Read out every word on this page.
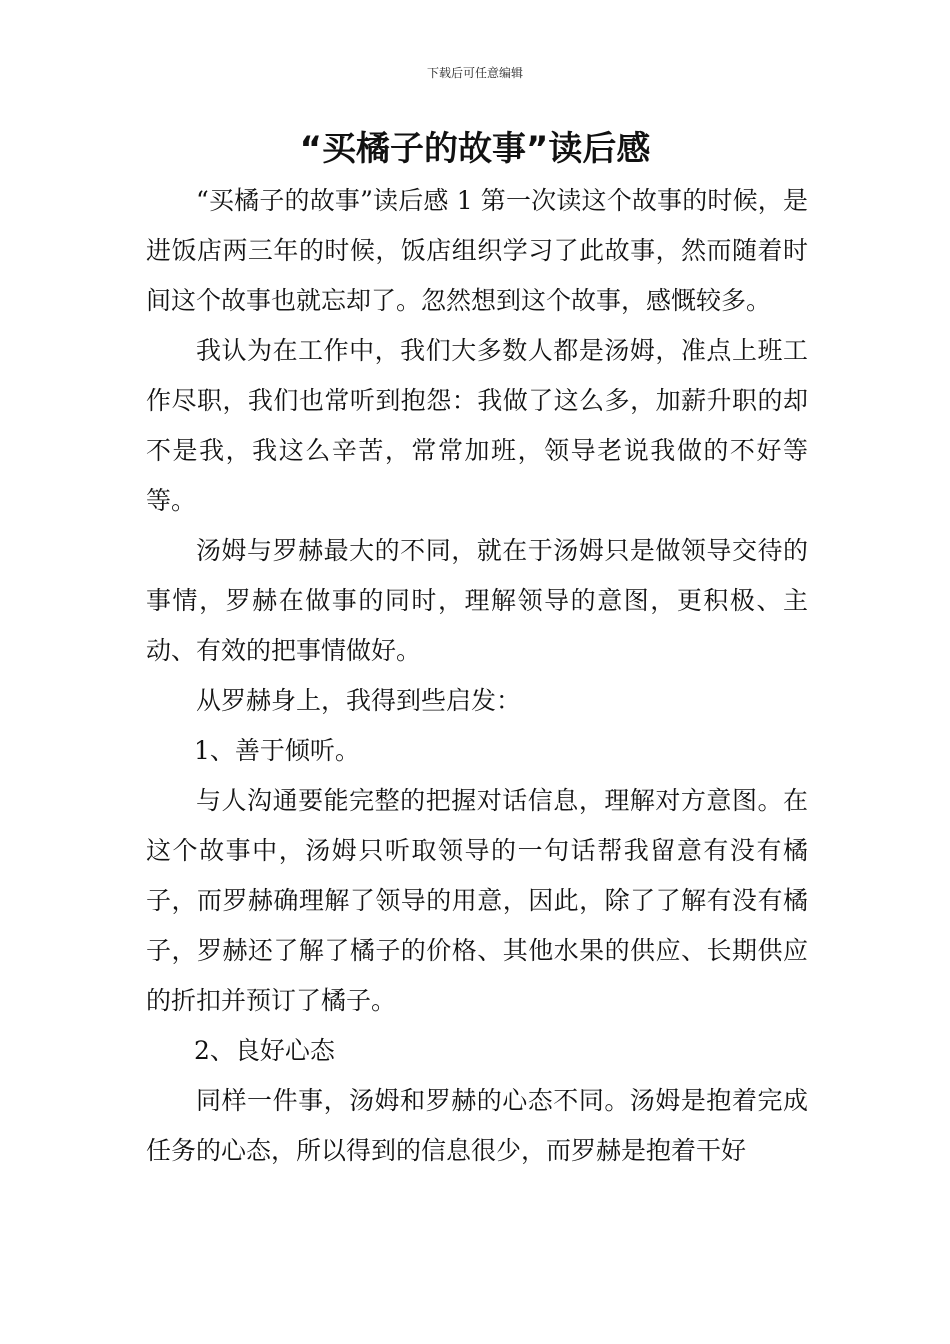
下载后可任意编辑
“买橘子的故事”读后感

“买橘子的故事”读后感 1 第一次读这个故事的时候，是进饭店两三年的时候，饭店组织学习了此故事，然而随着时间这个故事也就忘却了。忽然想到这个故事，感慨较多。

我认为在工作中，我们大多数人都是汤姆，准点上班工作尽职，我们也常听到抱怨：我做了这么多，加薪升职的却不是我，我这么辛苦，常常加班，领导老说我做的不好等等。

汤姆与罗赫最大的不同，就在于汤姆只是做领导交待的事情，罗赫在做事的同时，理解领导的意图，更积极、主动、有效的把事情做好。

从罗赫身上，我得到些启发：

1、善于倾听。

与人沟通要能完整的把握对话信息，理解对方意图。在这个故事中，汤姆只听取领导的一句话帮我留意有没有橘子，而罗赫确理解了领导的用意，因此，除了了解有没有橘子，罗赫还了解了橘子的价格、其他水果的供应、长期供应的折扣并预订了橘子。

2、良好心态

同样一件事，汤姆和罗赫的心态不同。汤姆是抱着完成任务的心态，所以得到的信息很少，而罗赫是抱着干好
